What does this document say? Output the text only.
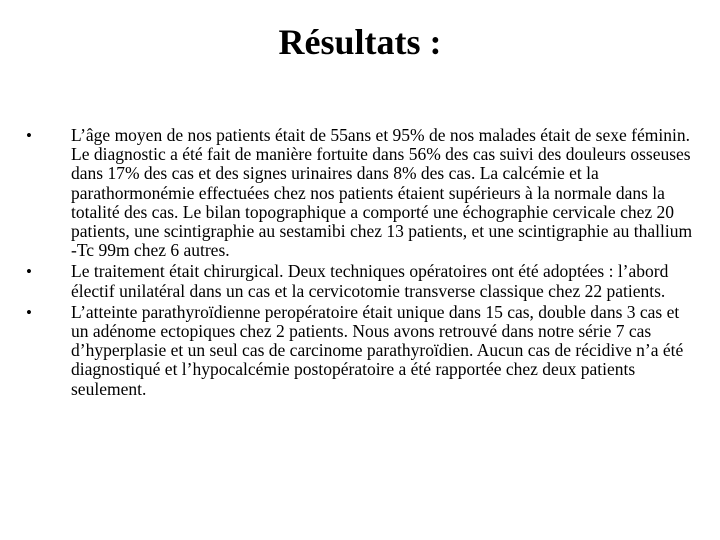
Résultats :
•	L’âge moyen de nos patients était de 55ans et 95% de nos malades était de sexe féminin. Le diagnostic a été fait de manière fortuite dans 56% des cas suivi des douleurs osseuses dans 17% des cas et des signes urinaires dans 8% des cas. La calcémie et la parathormonémie effectuées chez nos patients étaient supérieurs à la normale dans la totalité des cas. Le bilan topographique a comporté une échographie cervicale chez 20 patients, une scintigraphie au sestamibi chez 13 patients, et une scintigraphie au thallium -Tc 99m chez 6 autres.
•	Le traitement était chirurgical. Deux techniques opératoires ont été adoptées : l’abord électif unilatéral dans un cas et la cervicotomie transverse classique chez 22 patients.
•	L’atteinte parathyroïdienne peropératoire était unique dans 15 cas, double dans 3 cas et un adénome ectopiques chez 2 patients. Nous avons retrouvé dans notre série 7 cas d’hyperplasie et un seul cas de carcinome parathyroïdien. Aucun cas de récidive n’a été diagnostiqué et l’hypocalcémie postopératoire a été rapportée chez deux patients seulement.
